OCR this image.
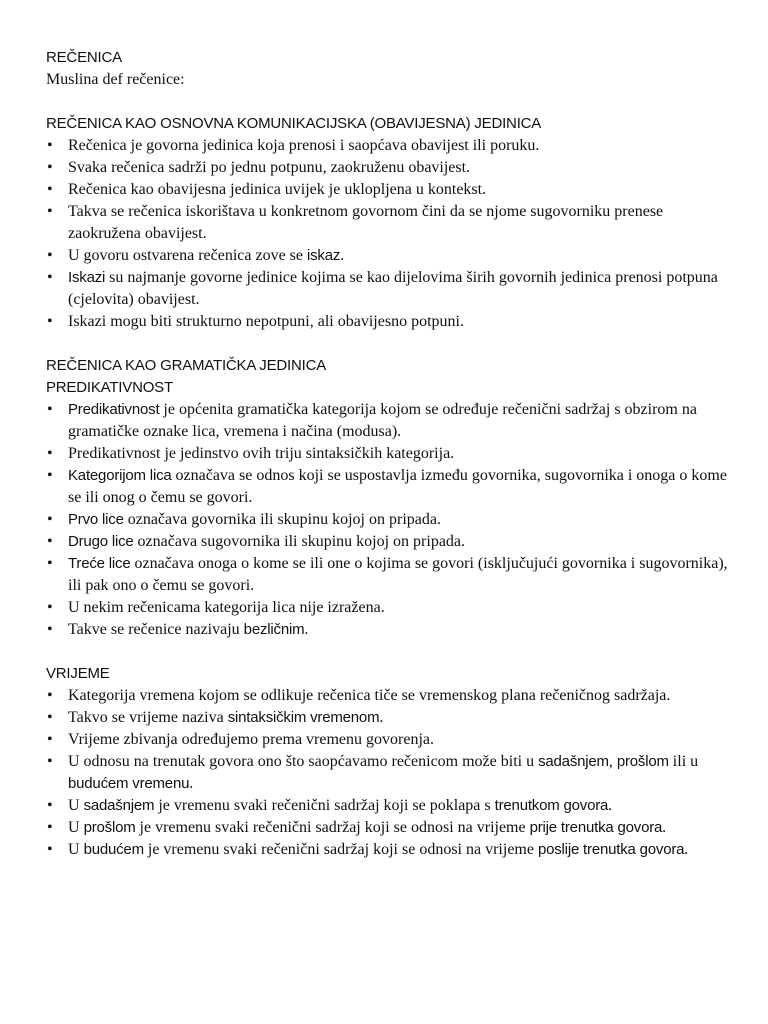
REČENICA
Muslina def rečenice:
REČENICA KAO OSNOVNA KOMUNIKACIJSKA (OBAVIJESNA) JEDINICA
• Rečenica je govorna jedinica koja prenosi i saopćava obavijest ili poruku.
• Svaka rečenica sadrži po jednu potpunu, zaokruženu obavijest.
• Rečenica kao obavijesna jedinica uvijek je uklopljena u kontekst.
• Takva se rečenica iskorištava u konkretnom govornom čini da se njome sugovorniku prenese zaokružena obavijest.
• U govoru ostvarena rečenica zove se iskaz.
• Iskazi su najmanje govorne jedinice kojima se kao dijelovima širih govornih jedinica prenosi potpuna (cjelovita) obavijest.
• Iskazi mogu biti strukturno nepotpuni, ali obavijesno potpuni.
REČENICA KAO GRAMATIČKA JEDINICA
PREDIKATIVNOST
• Predikativnost je općenita gramatička kategorija kojom se određuje rečenični sadržaj s obzirom na gramatičke oznake lica, vremena i načina (modusa).
• Predikativnost je jedinstvo ovih triju sintaksičkih kategorija.
• Kategorijom lica označava se odnos koji se uspostavlja između govornika, sugovornika i onoga o kome se ili onog o čemu se govori.
• Prvo lice označava govornika ili skupinu kojoj on pripada.
• Drugo lice označava sugovornika ili skupinu kojoj on pripada.
• Treće lice označava onoga o kome se ili one o kojima se govori (isključujući govornika i sugovornika), ili pak ono o čemu se govori.
• U nekim rečenicama kategorija lica nije izražena.
• Takve se rečenice nazivaju bezličnim.
VRIJEME
• Kategorija vremena kojom se odlikuje rečenica tiče se vremenskog plana rečeničnog sadržaja.
• Takvo se vrijeme naziva sintaksičkim vremenom.
• Vrijeme zbivanja određujemo prema vremenu govorenja.
• U odnosu na trenutak govora ono što saopćavamo rečenicom može biti u sadašnjem, prošlom ili u budućem vremenu.
• U sadašnjem je vremenu svaki rečenični sadržaj koji se poklapa s trenutkom govora.
• U prošlom je vremenu svaki rečenični sadržaj koji se odnosi na vrijeme prije trenutka govora.
• U budućem je vremenu svaki rečenični sadržaj koji se odnosi na vrijeme poslije trenutka govora.
